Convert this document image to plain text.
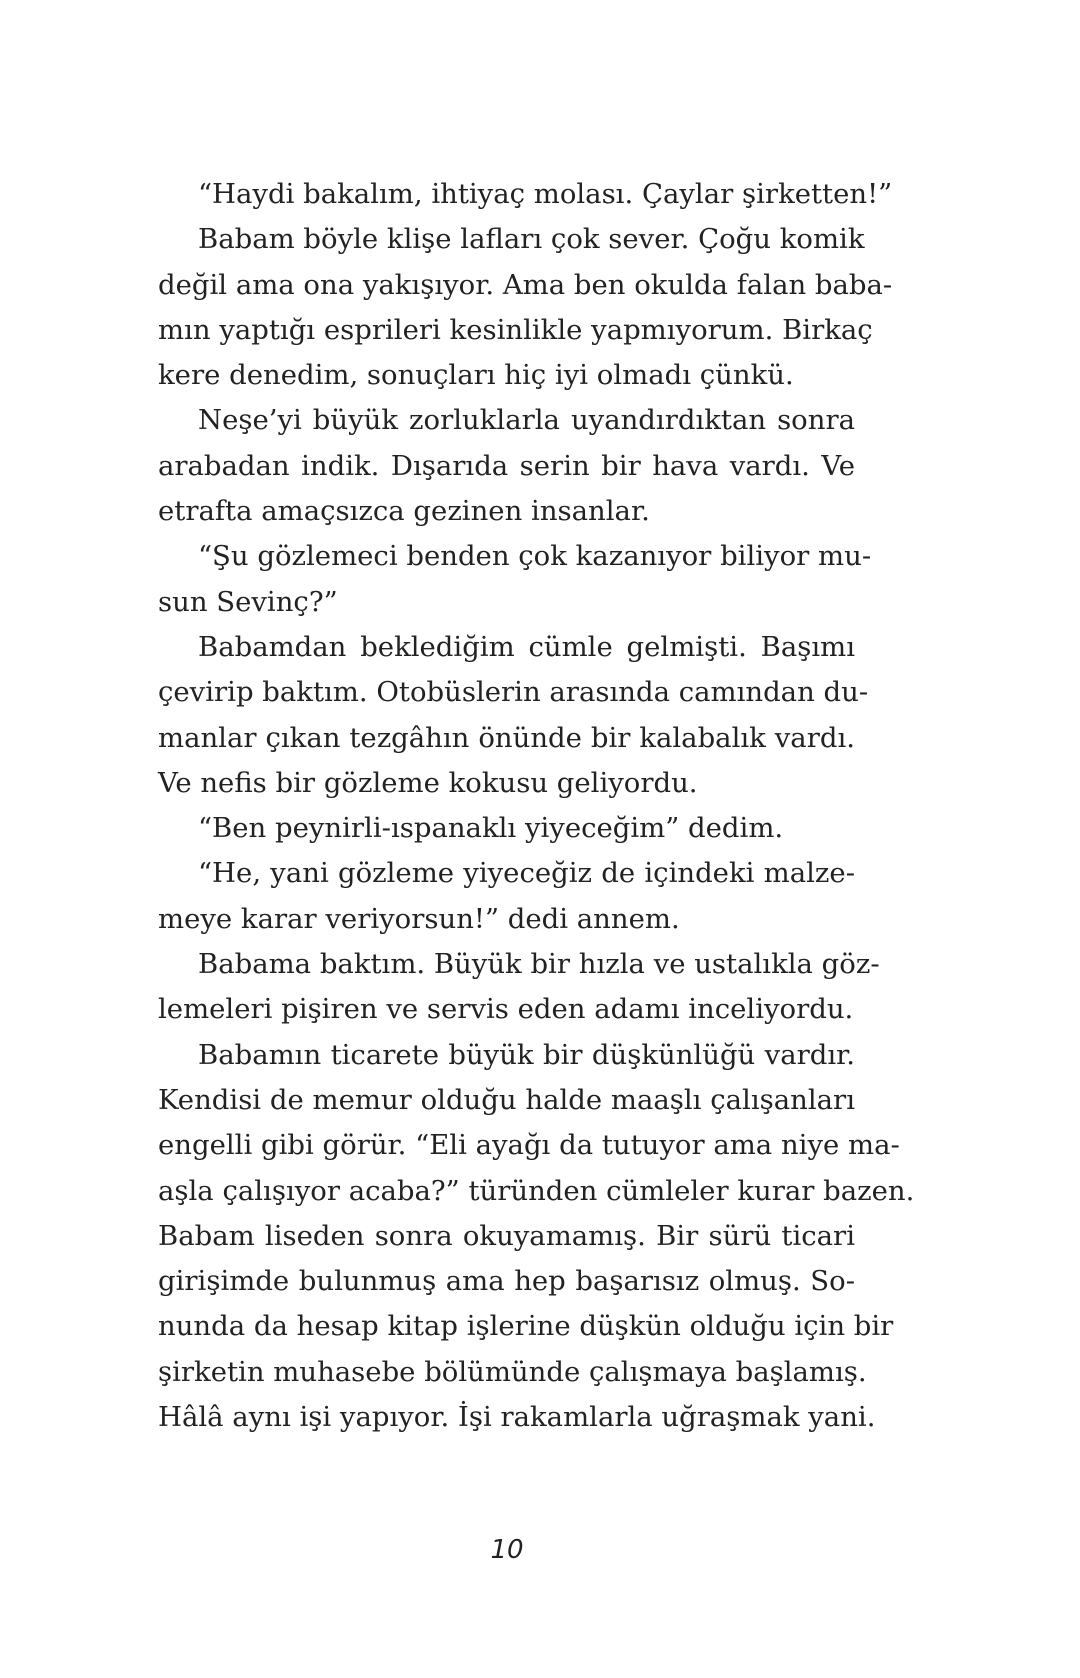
“Haydi bakalım, ihtiyaç molası. Çaylar şirketten!”
Babam böyle klişe lafları çok sever. Çoğu komik
değil ama ona yakışıyor. Ama ben okulda falan baba-
mın yaptığı esprileri kesinlikle yapmıyorum. Birkaç
kere denedim, sonuçları hiç iyi olmadı çünkü.
Neşe’yi büyük zorluklarla uyandırdıktan sonra
arabadan indik. Dışarıda serin bir hava vardı. Ve
etrafta amaçsızca gezinen insanlar.
“Şu gözlemeci benden çok kazanıyor biliyor mu-
sun Sevinç?”
Babamdan beklediğim cümle gelmişti. Başımı
çevirip baktım. Otobüslerin arasında camından du-
manlar çıkan tezgâhın önünde bir kalabalık vardı.
Ve nefis bir gözleme kokusu geliyordu.
“Ben peynirli-ıspanaklı yiyeceğim” dedim.
“He, yani gözleme yiyeceğiz de içindeki malze-
meye karar veriyorsun!” dedi annem.
Babama baktım. Büyük bir hızla ve ustalıkla göz-
lemeleri pişiren ve servis eden adamı inceliyordu.
Babamın ticarete büyük bir düşkünlüğü vardır.
Kendisi de memur olduğu halde maaşlı çalışanları
engelli gibi görür. “Eli ayağı da tutuyor ama niye ma-
aşla çalışıyor acaba?” türünden cümleler kurar bazen.
Babam liseden sonra okuyamamış. Bir sürü ticari
girişimde bulunmuş ama hep başarısız olmuş. So-
nunda da hesap kitap işlerine düşkün olduğu için bir
şirketin muhasebe bölümünde çalışmaya başlamış.
Hâlâ aynı işi yapıyor. İşi rakamlarla uğraşmak yani.
10
